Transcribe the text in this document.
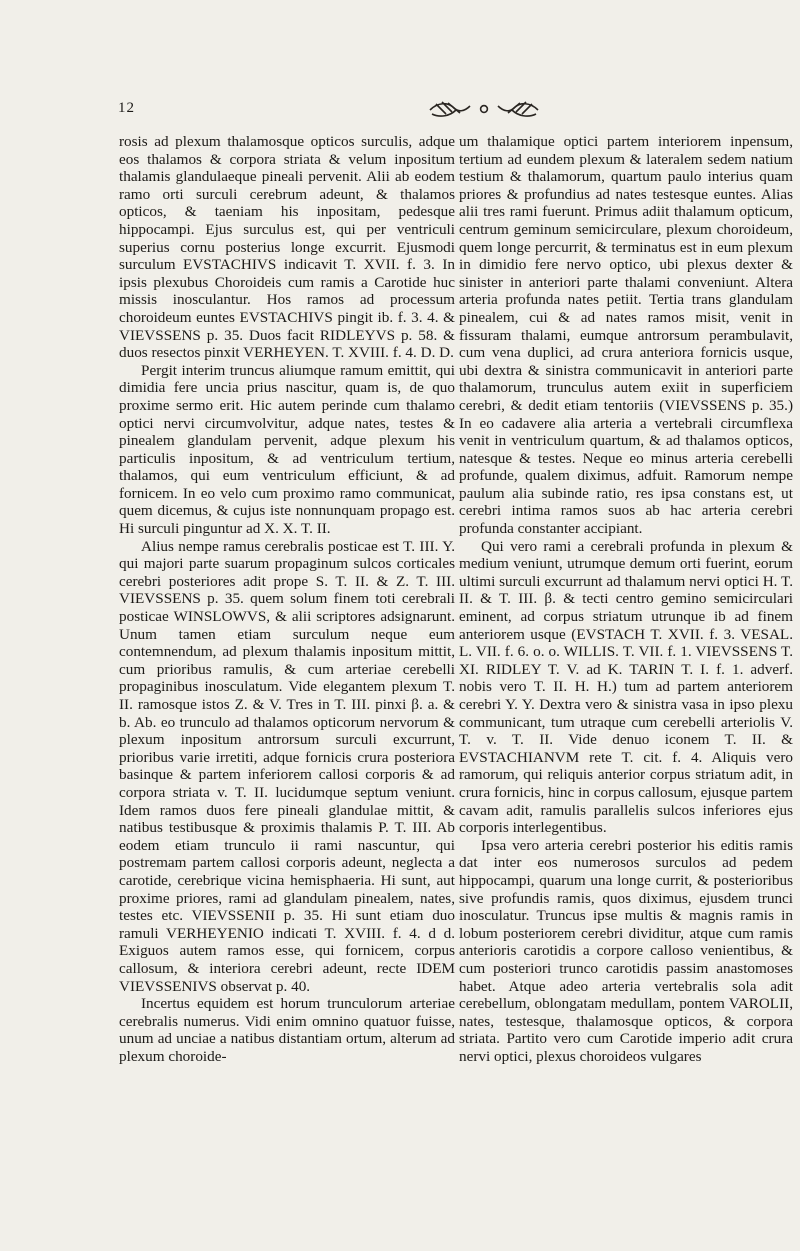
12

rosis ad plexum thalamosque opticos surculis, adque eos thalamos & corpora striata & velum inpositum thalamis glandulaeque pineali pervenit. Alii ab eodem ramo orti surculi cerebrum adeunt, & thalamos opticos, & taeniam his inpositam, pedesque hippocampi. Ejus surculus est, qui per ventriculi superius cornu posterius longe excurrit. Ejusmodi surculum EVSTACHIVS indicavit T. XVII. f. 3. In ipsis plexubus Choroideis cum ramis a Carotide huc missis inosculantur. Hos ramos ad processum choroideum euntes EVSTACHIVS pingit ib. f. 3. 4. & VIEVSSENS p. 35. Duos facit RIDLEYVS p. 58. & duos resectos pinxit VERHEYEN. T. XVIII. f. 4. D. D.

Pergit interim truncus aliumque ramum emittit, qui dimidia fere uncia prius nascitur, quam is, de quo proxime sermo erit. Hic autem perinde cum thalamo optici nervi circumvolvitur, adque nates, testes & pinealem glandulam pervenit, adque plexum his particulis inpositum, & ad ventriculum tertium, thalamos, qui eum ventriculum efficiunt, & ad fornicem. In eo velo cum proximo ramo communicat, quem dicemus, & cujus iste nonnunquam propago est. Hi surculi pinguntur ad X. X. T. II.

Alius nempe ramus cerebralis posticae est T. III. Y. qui majori parte suarum propaginum sulcos corticales cerebri posteriores adit prope S. T. II. & Z. T. III. VIEVSSENS p. 35. quem solum finem toti cerebrali posticae WINSLOWVS, & alii scriptores adsignarunt. Unum tamen etiam surculum neque eum contemnendum, ad plexum thalamis inpositum mittit, cum prioribus ramulis, & cum arteriae cerebelli propaginibus inosculatum. Vide elegantem plexum T. II. ramosque istos Z. & V. Tres in T. III. pinxi β. a. & b. Ab. eo trunculo ad thalamos opticorum nervorum & plexum inpositum antrorsum surculi excurrunt, prioribus varie irretiti, adque fornicis crura posteriora basinque & partem inferiorem callosi corporis & ad corpora striata v. T. II. lucidumque septum veniunt. Idem ramos duos fere pineali glandulae mittit, & natibus testibusque & proximis thalamis P. T. III. Ab eodem etiam trunculo ii rami nascuntur, qui postremam partem callosi corporis adeunt, neglecta a carotide, cerebrique vicina hemisphaeria. Hi sunt, aut proxime priores, rami ad glandulam pinealem, nates, testes etc. VIEVSSENII p. 35. Hi sunt etiam duo ramuli VERHEYENIO indicati T. XVIII. f. 4. d d. Exiguos autem ramos esse, qui fornicem, corpus callosum, & interiora cerebri adeunt, recte IDEM VIEVSSENIVS observat p. 40.

Incertus equidem est horum trunculorum arteriae cerebralis numerus. Vidi enim omnino quatuor fuisse, unum ad unciae a natibus distantiam ortum, alterum ad plexum choroide-

um thalamique optici partem interiorem inpensum, tertium ad eundem plexum & lateralem sedem natium testium & thalamorum, quartum paulo interius quam priores & profundius ad nates testesque euntes. Alias alii tres rami fuerunt. Primus adiit thalamum opticum, centrum geminum semicirculare, plexum choroideum, quem longe percurrit, & terminatus est in eum plexum in dimidio fere nervo optico, ubi plexus dexter & sinister in anteriori parte thalami conveniunt. Altera arteria profunda nates petiit. Tertia trans glandulam pinealem, cui & ad nates ramos misit, venit in fissuram thalami, eumque antrorsum perambulavit, cum vena duplici, ad crura anteriora fornicis usque, ubi dextra & sinistra communicavit in anteriori parte thalamorum, trunculus autem exiit in superficiem cerebri, & dedit etiam tentoriis (VIEVSSENS p. 35.) In eo cadavere alia arteria a vertebrali circumflexa venit in ventriculum quartum, & ad thalamos opticos, natesque & testes. Neque eo minus arteria cerebelli profunde, qualem diximus, adfuit. Ramorum nempe paulum alia subinde ratio, res ipsa constans est, ut cerebri intima ramos suos ab hac arteria cerebri profunda constanter accipiant.

Qui vero rami a cerebrali profunda in plexum & medium veniunt, utrumque demum orti fuerint, eorum ultimi surculi excurrunt ad thalamum nervi optici H. T. II. & T. III. β. & tecti centro gemino semicirculari eminent, ad corpus striatum utrunque ib ad finem anteriorem usque (EVSTACH T. XVII. f. 3. VESAL. L. VII. f. 6. o. o. WILLIS. T. VII. f. 1. VIEVSSENS T. XI. RIDLEY T. V. ad K. TARIN T. I. f. 1. adverf. nobis vero T. II. H. H.) tum ad partem anteriorem cerebri Y. Y. Dextra vero & sinistra vasa in ipso plexu communicant, tum utraque cum cerebelli arteriolis V. T. v. T. II. Vide denuo iconem T. II. & EVSTACHIANVM rete T. cit. f. 4. Aliquis vero ramorum, qui reliquis anterior corpus striatum adit, in crura fornicis, hinc in corpus callosum, ejusque partem cavam adit, ramulis parallelis sulcos inferiores ejus corporis interlegentibus.

Ipsa vero arteria cerebri posterior his editis ramis dat inter eos numerosos surculos ad pedem hippocampi, quarum una longe currit, & posterioribus sive profundis ramis, quos diximus, ejusdem trunci inosculatur. Truncus ipse multis & magnis ramis in lobum posteriorem cerebri dividitur, atque cum ramis anterioris carotidis a corpore calloso venientibus, & cum posteriori trunco carotidis passim anastomoses habet. Atque adeo arteria vertebralis sola adit cerebellum, oblongatam medullam, pontem VAROLII, nates, testesque, thalamosque opticos, & corpora striata. Partito vero cum Carotide imperio adit crura nervi optici, plexus choroideos vulgares
